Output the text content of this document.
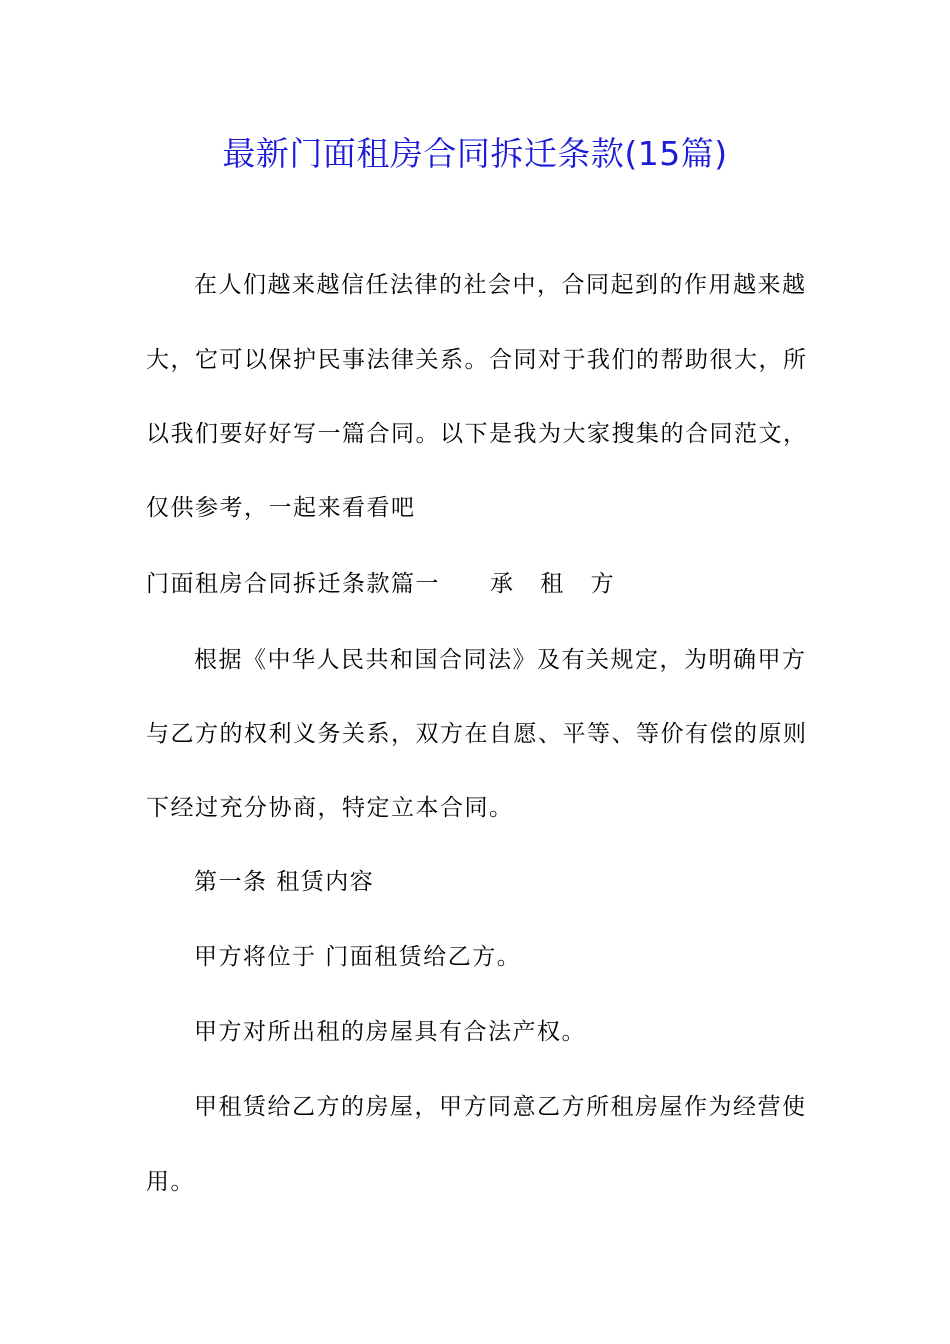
最新门面租房合同拆迁条款(15篇)
在人们越来越信任法律的社会中，合同起到的作用越来越
大，它可以保护民事法律关系。合同对于我们的帮助很大，所
以我们要好好写一篇合同。以下是我为大家搜集的合同范文，
仅供参考，一起来看看吧
门面租房合同拆迁条款篇一 承 租 方
根据《中华人民共和国合同法》及有关规定，为明确甲方
与乙方的权利义务关系，双方在自愿、平等、等价有偿的原则
下经过充分协商，特定立本合同。
第一条 租赁内容
甲方将位于 门面租赁给乙方。
甲方对所出租的房屋具有合法产权。
甲租赁给乙方的房屋，甲方同意乙方所租房屋作为经营使
用。
